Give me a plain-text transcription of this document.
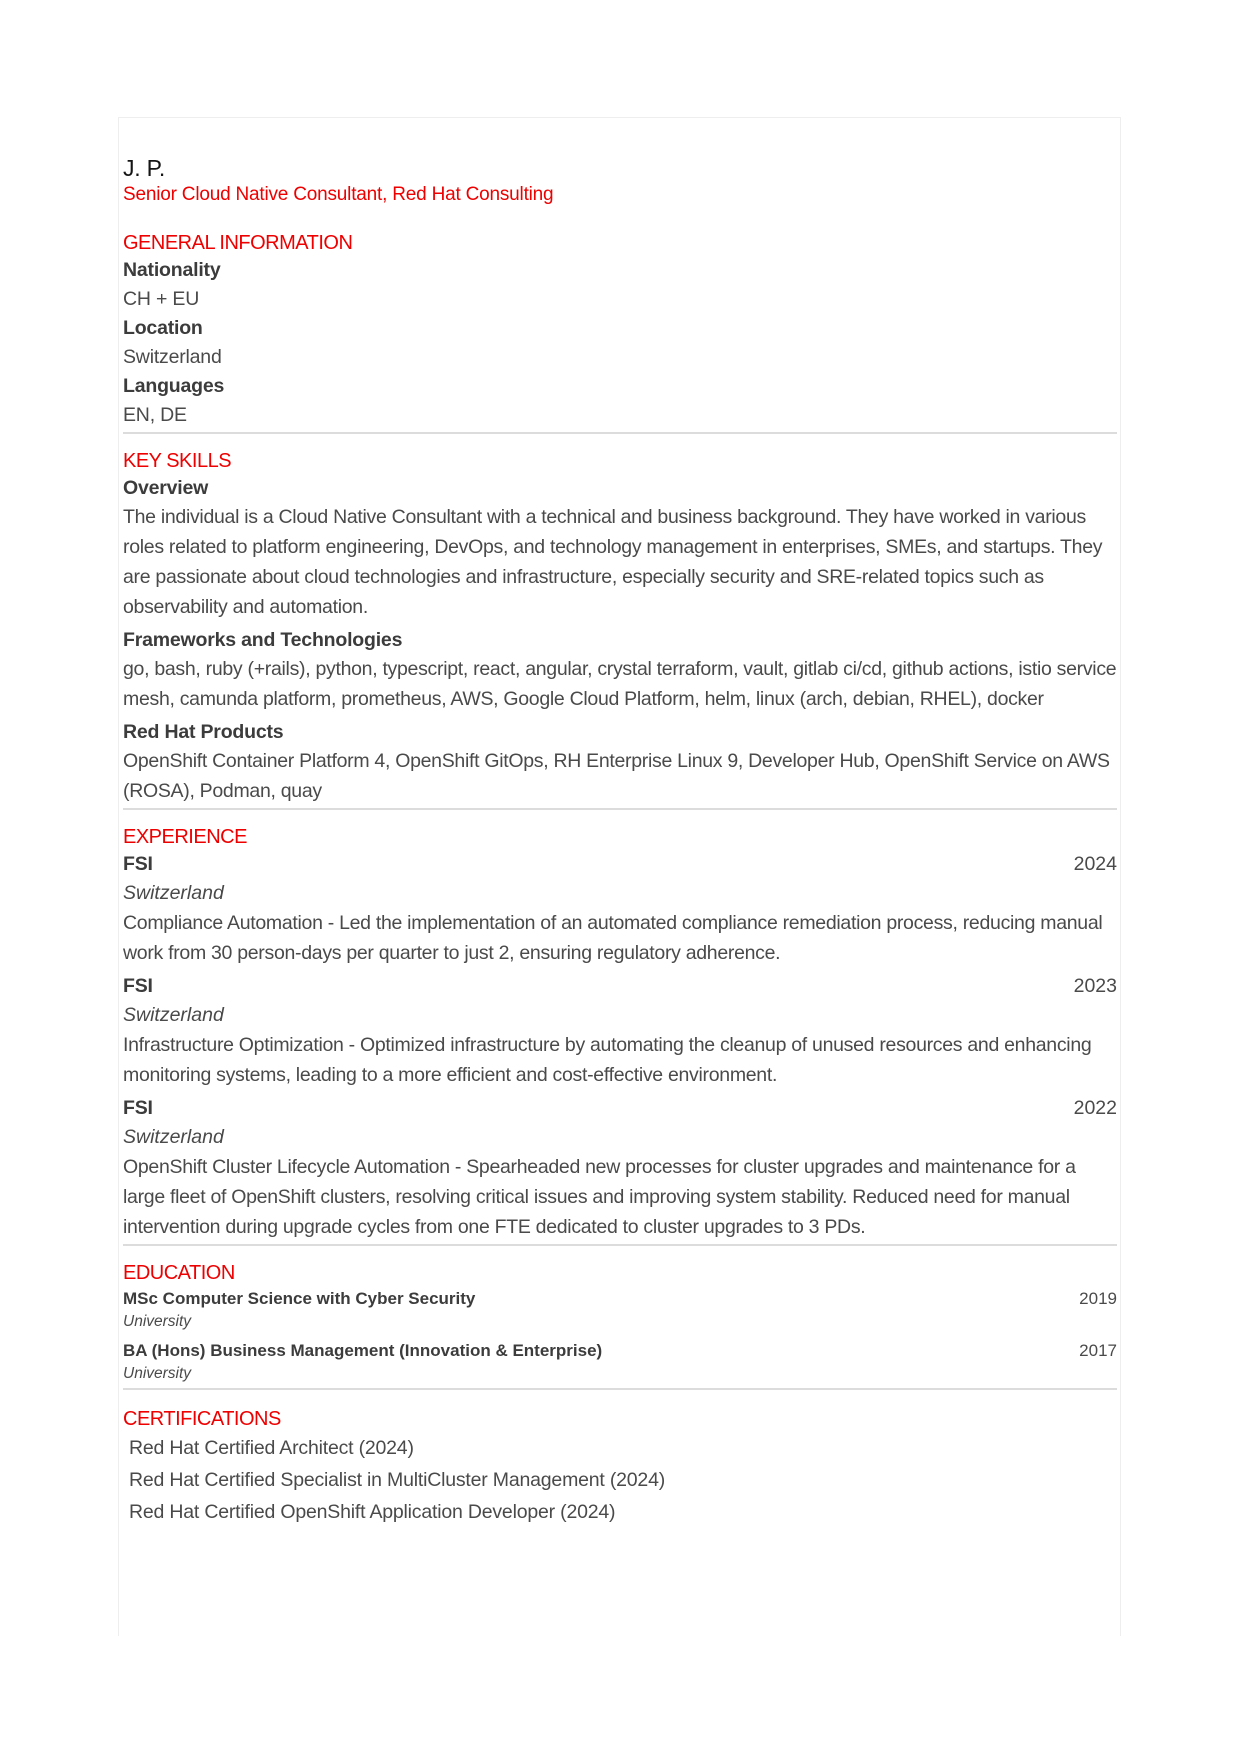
J. P.

Senior Cloud Native Consultant, Red Hat Consulting

GENERAL INFORMATION

Nationality

CH + EU

Location

Switzerland

Languages

EN, DE

KEY SKILLS

Overview

The individual is a Cloud Native Consultant with a technical and business background. They have worked in various roles related to platform engineering, DevOps, and technology management in enterprises, SMEs, and startups. They are passionate about cloud technologies and infrastructure, especially security and SRE-related topics such as observability and automation.

Frameworks and Technologies

go, bash, ruby (+rails), python, typescript, react, angular, crystal terraform, vault, gitlab ci/cd, github actions, istio service mesh, camunda platform, prometheus, AWS, Google Cloud Platform, helm, linux (arch, debian, RHEL), docker

Red Hat Products

OpenShift Container Platform 4, OpenShift GitOps, RH Enterprise Linux 9, Developer Hub, OpenShift Service on AWS (ROSA), Podman, quay

EXPERIENCE

FSI	2024

Switzerland

Compliance Automation - Led the implementation of an automated compliance remediation process, reducing manual work from 30 person-days per quarter to just 2, ensuring regulatory adherence.

FSI	2023

Switzerland

Infrastructure Optimization - Optimized infrastructure by automating the cleanup of unused resources and enhancing monitoring systems, leading to a more efficient and cost-effective environment.

FSI	2022

Switzerland

OpenShift Cluster Lifecycle Automation - Spearheaded new processes for cluster upgrades and maintenance for a large fleet of OpenShift clusters, resolving critical issues and improving system stability. Reduced need for manual intervention during upgrade cycles from one FTE dedicated to cluster upgrades to 3 PDs.

EDUCATION

MSc Computer Science with Cyber Security	2019

University

BA (Hons) Business Management (Innovation & Enterprise)	2017

University

CERTIFICATIONS

Red Hat Certified Architect (2024)

Red Hat Certified Specialist in MultiCluster Management (2024)

Red Hat Certified OpenShift Application Developer (2024)
